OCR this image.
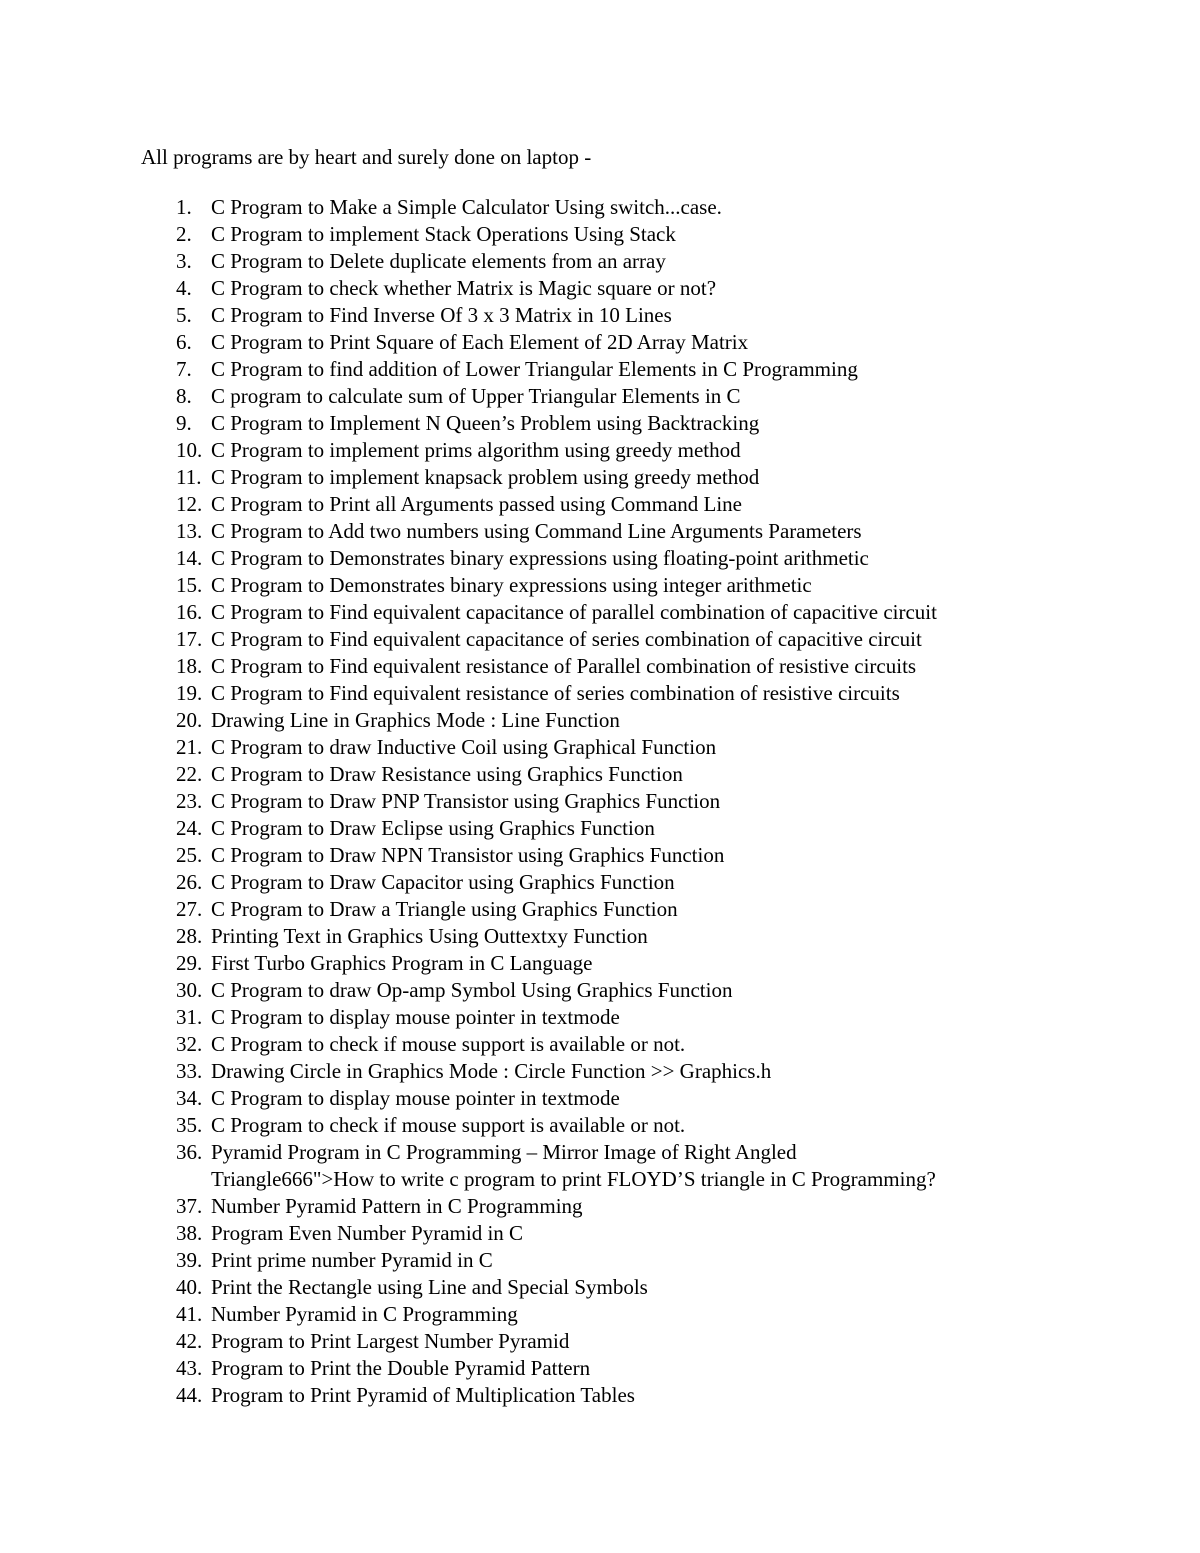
All programs are by heart and surely done on laptop -
1. C Program to Make a Simple Calculator Using switch...case.
2. C Program to implement Stack Operations Using Stack
3. C Program to Delete duplicate elements from an array
4. C Program to check whether Matrix is Magic square or not?
5. C Program to Find Inverse Of 3 x 3 Matrix in 10 Lines
6. C Program to Print Square of Each Element of 2D Array Matrix
7. C Program to find addition of Lower Triangular Elements in C Programming
8. C program to calculate sum of Upper Triangular Elements in C
9. C Program to Implement N Queen’s Problem using Backtracking
10. C Program to implement prims algorithm using greedy method
11. C Program to implement knapsack problem using greedy method
12. C Program to Print all Arguments passed using Command Line
13. C Program to Add two numbers using Command Line Arguments Parameters
14. C Program to Demonstrates binary expressions using floating-point arithmetic
15. C Program to Demonstrates binary expressions using integer arithmetic
16. C Program to Find equivalent capacitance of parallel combination of capacitive circuit
17. C Program to Find equivalent capacitance of series combination of capacitive circuit
18. C Program to Find equivalent resistance of Parallel combination of resistive circuits
19. C Program to Find equivalent resistance of series combination of resistive circuits
20. Drawing Line in Graphics Mode : Line Function
21. C Program to draw Inductive Coil using Graphical Function
22. C Program to Draw Resistance using Graphics Function
23. C Program to Draw PNP Transistor using Graphics Function
24. C Program to Draw Eclipse using Graphics Function
25. C Program to Draw NPN Transistor using Graphics Function
26. C Program to Draw Capacitor using Graphics Function
27. C Program to Draw a Triangle using Graphics Function
28. Printing Text in Graphics Using Outtextxy Function
29. First Turbo Graphics Program in C Language
30. C Program to draw Op-amp Symbol Using Graphics Function
31. C Program to display mouse pointer in textmode
32. C Program to check if mouse support is available or not.
33. Drawing Circle in Graphics Mode : Circle Function >> Graphics.h
34. C Program to display mouse pointer in textmode
35. C Program to check if mouse support is available or not.
36. Pyramid Program in C Programming – Mirror Image of Right Angled
Triangle666">How to write c program to print FLOYD’S triangle in C Programming?
37. Number Pyramid Pattern in C Programming
38. Program Even Number Pyramid in C
39. Print prime number Pyramid in C
40. Print the Rectangle using Line and Special Symbols
41. Number Pyramid in C Programming
42. Program to Print Largest Number Pyramid
43. Program to Print the Double Pyramid Pattern
44. Program to Print Pyramid of Multiplication Tables
